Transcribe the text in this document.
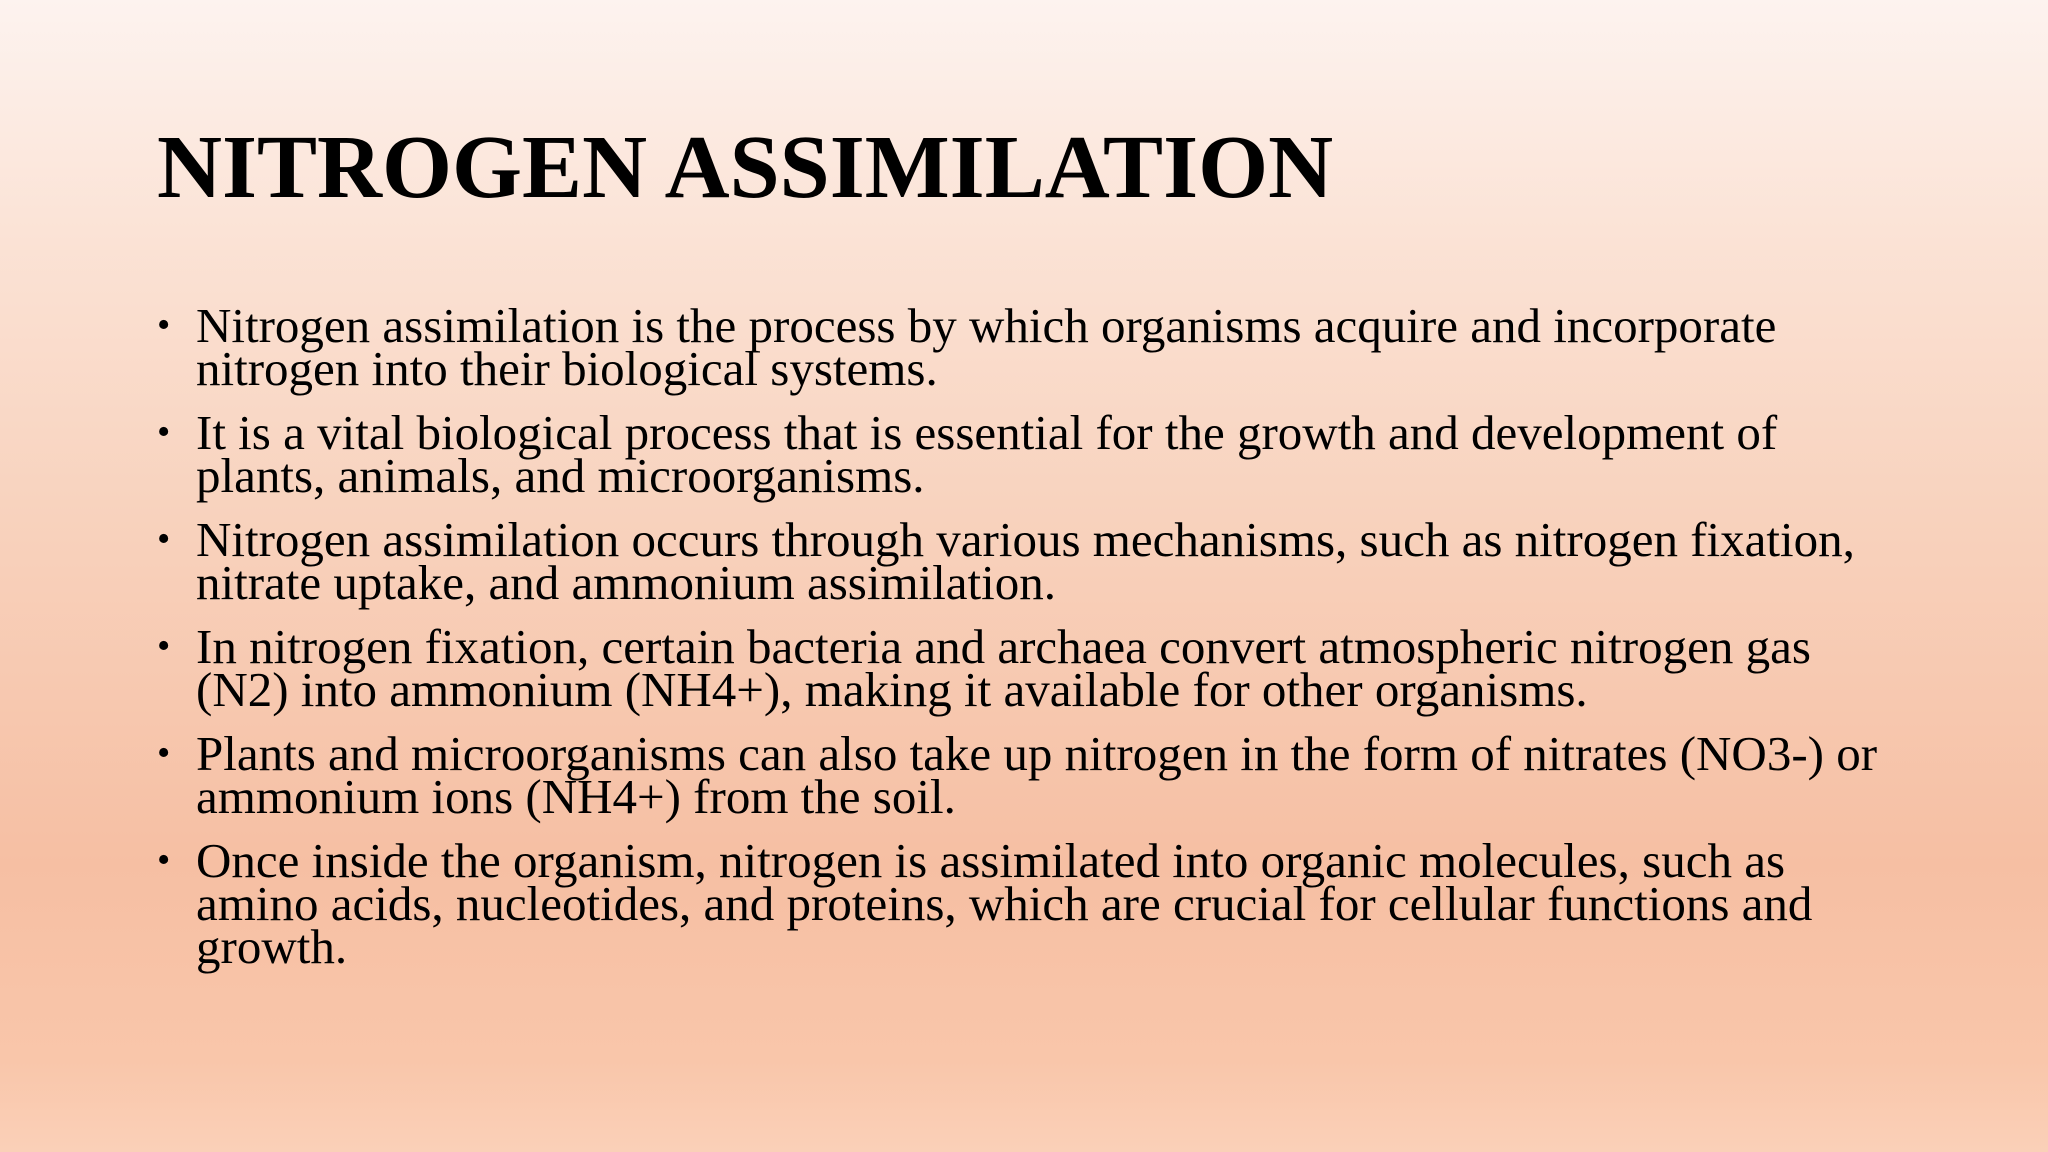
NITROGEN ASSIMILATION
• Nitrogen assimilation is the process by which organisms acquire and incorporate nitrogen into their biological systems.
• It is a vital biological process that is essential for the growth and development of plants, animals, and microorganisms.
• Nitrogen assimilation occurs through various mechanisms, such as nitrogen fixation, nitrate uptake, and ammonium assimilation.
• In nitrogen fixation, certain bacteria and archaea convert atmospheric nitrogen gas (N2) into ammonium (NH4+), making it available for other organisms.
• Plants and microorganisms can also take up nitrogen in the form of nitrates (NO3-) or ammonium ions (NH4+) from the soil.
• Once inside the organism, nitrogen is assimilated into organic molecules, such as amino acids, nucleotides, and proteins, which are crucial for cellular functions and growth.
